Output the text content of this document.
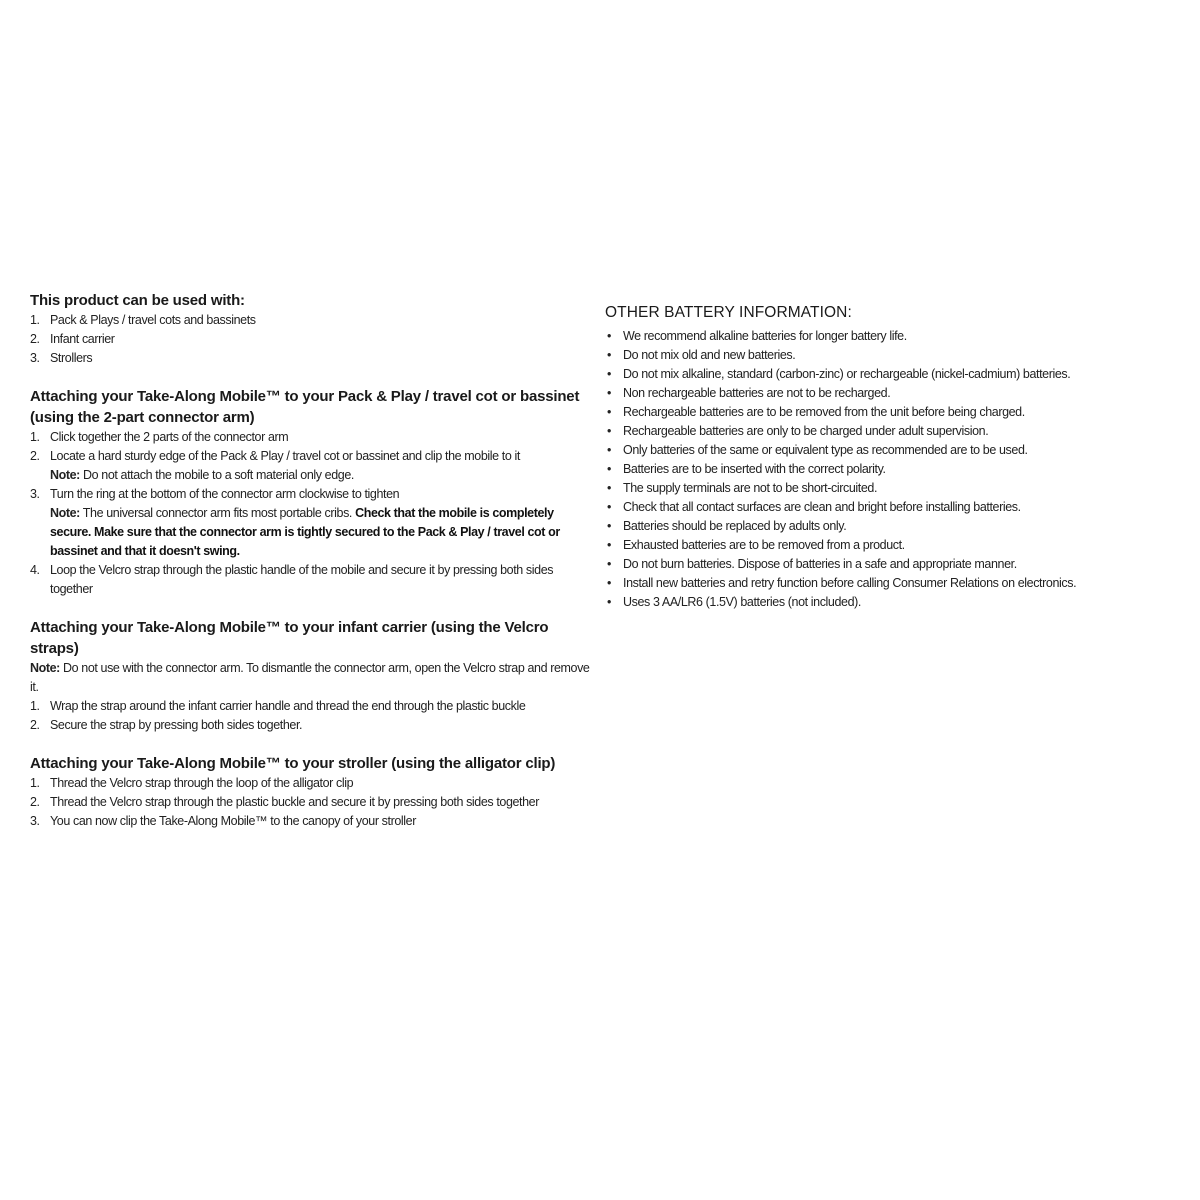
This product can be used with:
1. Pack & Plays / travel cots and bassinets
2. Infant carrier
3. Strollers
Attaching your Take-Along Mobile™ to your Pack & Play / travel cot or bassinet (using the 2-part connector arm)
1. Click together the 2 parts of the connector arm
2. Locate a hard sturdy edge of the Pack & Play / travel cot or bassinet and clip the mobile to it
Note: Do not attach the mobile to a soft material only edge.
3. Turn the ring at the bottom of the connector arm clockwise to tighten
Note: The universal connector arm fits most portable cribs. Check that the mobile is completely secure. Make sure that the connector arm is tightly secured to the Pack & Play / travel cot or bassinet and that it doesn't swing.
4. Loop the Velcro strap through the plastic handle of the mobile and secure it by pressing both sides together
Attaching your Take-Along Mobile™ to your infant carrier (using the Velcro straps)
Note: Do not use with the connector arm. To dismantle the connector arm, open the Velcro strap and remove it.
1. Wrap the strap around the infant carrier handle and thread the end through the plastic buckle
2. Secure the strap by pressing both sides together.
Attaching your Take-Along Mobile™ to your stroller (using the alligator clip)
1. Thread the Velcro strap through the loop of the alligator clip
2. Thread the Velcro strap through the plastic buckle and secure it by pressing both sides together
3. You can now clip the Take-Along Mobile™ to the canopy of your stroller
OTHER BATTERY INFORMATION:
• We recommend alkaline batteries for longer battery life.
• Do not mix old and new batteries.
• Do not mix alkaline, standard (carbon-zinc) or rechargeable (nickel-cadmium) batteries.
• Non rechargeable batteries are not to be recharged.
• Rechargeable batteries are to be removed from the unit before being charged.
• Rechargeable batteries are only to be charged under adult supervision.
• Only batteries of the same or equivalent type as recommended are to be used.
• Batteries are to be inserted with the correct polarity.
• The supply terminals are not to be short-circuited.
• Check that all contact surfaces are clean and bright before installing batteries.
• Batteries should be replaced by adults only.
• Exhausted batteries are to be removed from a product.
• Do not burn batteries. Dispose of batteries in a safe and appropriate manner.
• Install new batteries and retry function before calling Consumer Relations on electronics.
• Uses 3 AA/LR6 (1.5V) batteries (not included).
